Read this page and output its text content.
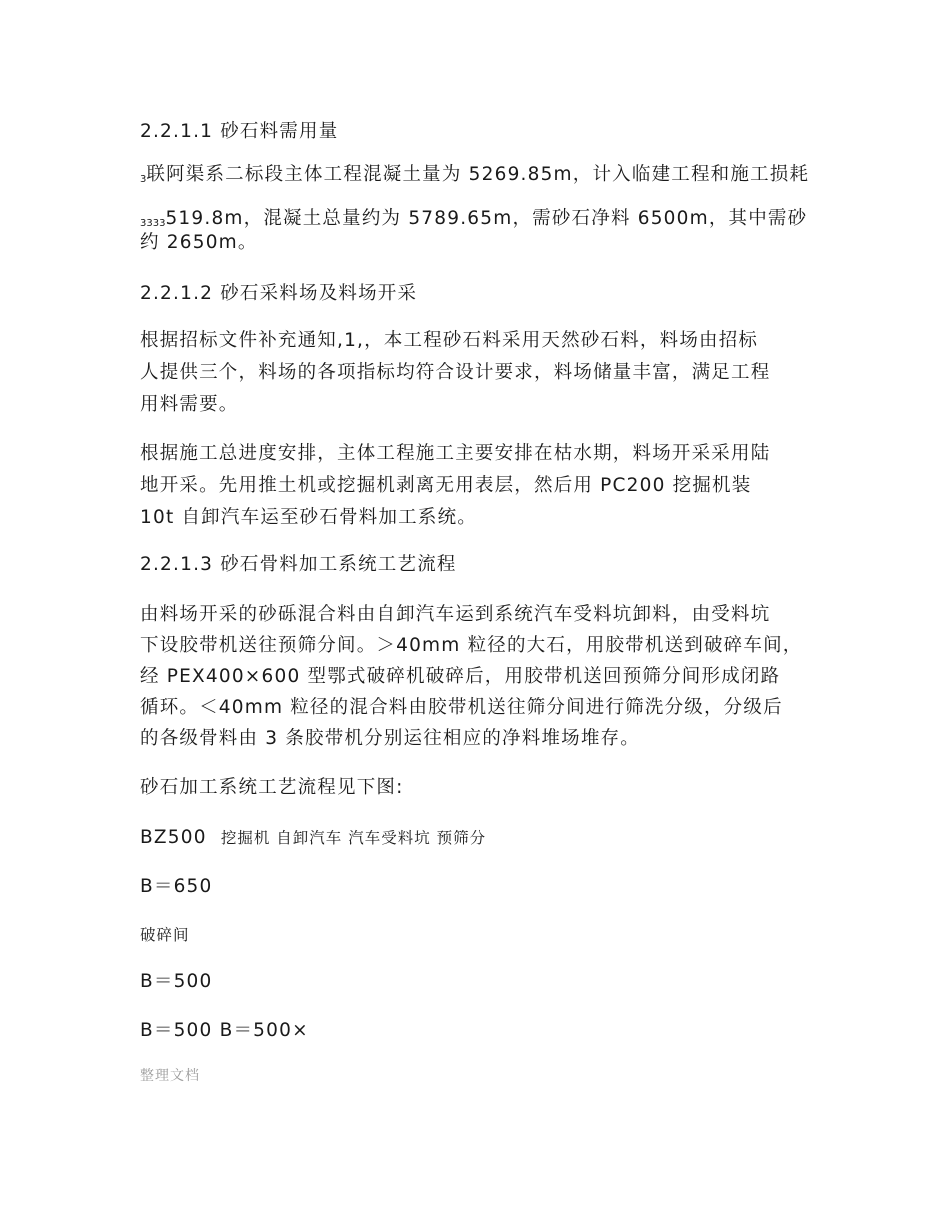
2.2.1.1 砂石料需用量
$_3$联阿渠系二标段主体工程混凝土量为 5269.85m，计入临建工程和施工损耗
$_{3333}$519.8m，混凝土总量约为 5789.65m，需砂石净料 6500m，其中需砂
约 2650m。
2.2.1.2 砂石采料场及料场开采
根据招标文件补充通知,1,，本工程砂石料采用天然砂石料，料场由招标
人提供三个，料场的各项指标均符合设计要求，料场储量丰富，满足工程
用料需要。
根据施工总进度安排，主体工程施工主要安排在枯水期，料场开采采用陆
地开采。先用推土机或挖掘机剥离无用表层，然后用 PC200 挖掘机装
10t 自卸汽车运至砂石骨料加工系统。
2.2.1.3 砂石骨料加工系统工艺流程
由料场开采的砂砾混合料由自卸汽车运到系统汽车受料坑卸料，由受料坑
下设胶带机送往预筛分间。＞40mm 粒径的大石，用胶带机送到破碎车间，
经 PEX400×600 型鄂式破碎机破碎后，用胶带机送回预筛分间形成闭路
循环。＜40mm 粒径的混合料由胶带机送往筛分间进行筛洗分级，分级后
的各级骨料由 3 条胶带机分别运往相应的净料堆场堆存。
砂石加工系统工艺流程见下图:
BZ500 挖掘机 自卸汽车 汽车受料坑 预筛分
B＝650
破碎间
B＝500
B＝500 B＝500×
整理文档
